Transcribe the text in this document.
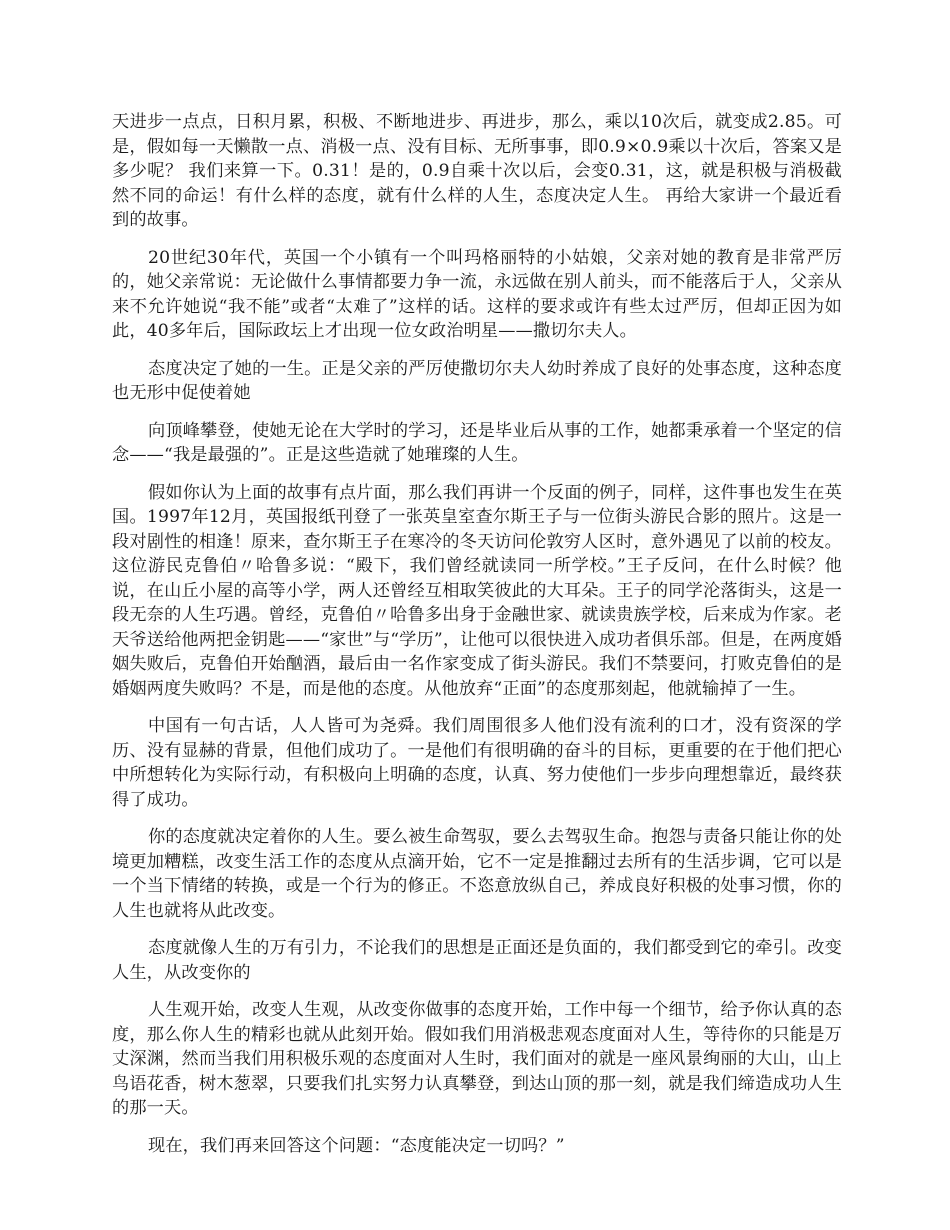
天进步一点点，日积月累，积极、不断地进步、再进步，那么，乘以10次后，就变成2.85。可是，假如每一天懒散一点、消极一点、没有目标、无所事事，即0.9×0.9乘以十次后，答案又是多少呢？ 我们来算一下。0.31！是的，0.9自乘十次以后，会变0.31，这，就是积极与消极截然不同的命运！有什么样的态度，就有什么样的人生，态度决定人生。 再给大家讲一个最近看到的故事。

20世纪30年代，英国一个小镇有一个叫玛格丽特的小姑娘，父亲对她的教育是非常严厉的，她父亲常说：无论做什么事情都要力争一流，永远做在别人前头，而不能落后于人，父亲从来不允许她说“我不能”或者“太难了”这样的话。这样的要求或许有些太过严厉，但却正因为如此，40多年后，国际政坛上才出现一位女政治明星——撒切尔夫人。

态度决定了她的一生。正是父亲的严厉使撒切尔夫人幼时养成了良好的处事态度，这种态度也无形中促使着她

向顶峰攀登，使她无论在大学时的学习，还是毕业后从事的工作，她都秉承着一个坚定的信念——“我是最强的”。正是这些造就了她璀璨的人生。

假如你认为上面的故事有点片面，那么我们再讲一个反面的例子，同样，这件事也发生在英国。1997年12月，英国报纸刊登了一张英皇室查尔斯王子与一位街头游民合影的照片。这是一段对剧性的相逢！原来，查尔斯王子在寒冷的冬天访问伦敦穷人区时，意外遇见了以前的校友。这位游民克鲁伯〃哈鲁多说：“殿下，我们曾经就读同一所学校。”王子反问，在什么时候？他说，在山丘小屋的高等小学，两人还曾经互相取笑彼此的大耳朵。王子的同学沦落街头，这是一段无奈的人生巧遇。曾经，克鲁伯〃哈鲁多出身于金融世家、就读贵族学校，后来成为作家。老天爷送给他两把金钥匙——“家世”与“学历”，让他可以很快进入成功者俱乐部。但是，在两度婚姻失败后，克鲁伯开始酗酒，最后由一名作家变成了街头游民。我们不禁要问，打败克鲁伯的是婚姻两度失败吗？不是，而是他的态度。从他放弃“正面”的态度那刻起，他就输掉了一生。

中国有一句古话，人人皆可为尧舜。我们周围很多人他们没有流利的口才，没有资深的学历、没有显赫的背景，但他们成功了。一是他们有很明确的奋斗的目标，更重要的在于他们把心中所想转化为实际行动，有积极向上明确的态度，认真、努力使他们一步步向理想靠近，最终获得了成功。

你的态度就决定着你的人生。要么被生命驾驭，要么去驾驭生命。抱怨与责备只能让你的处境更加糟糕，改变生活工作的态度从点滴开始，它不一定是推翻过去所有的生活步调，它可以是一个当下情绪的转换，或是一个行为的修正。不恣意放纵自己，养成良好积极的处事习惯，你的人生也就将从此改变。

态度就像人生的万有引力，不论我们的思想是正面还是负面的，我们都受到它的牵引。改变人生，从改变你的

人生观开始，改变人生观，从改变你做事的态度开始，工作中每一个细节，给予你认真的态度，那么你人生的精彩也就从此刻开始。假如我们用消极悲观态度面对人生，等待你的只能是万丈深渊，然而当我们用积极乐观的态度面对人生时，我们面对的就是一座风景绚丽的大山，山上鸟语花香，树木葱翠，只要我们扎实努力认真攀登，到达山顶的那一刻，就是我们缔造成功人生的那一天。

现在，我们再来回答这个问题：“态度能决定一切吗？”
